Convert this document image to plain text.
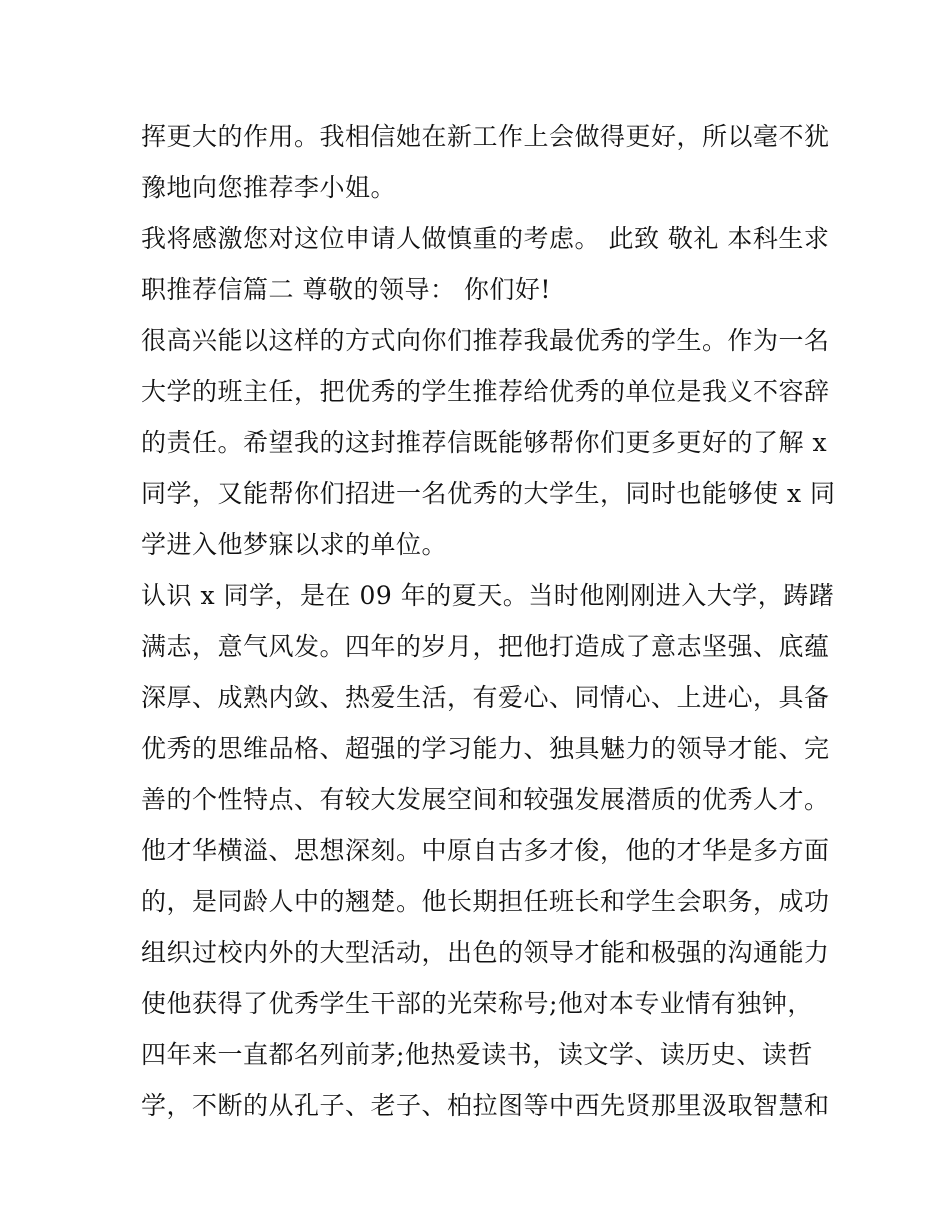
挥更大的作用。我相信她在新工作上会做得更好，所以毫不犹
豫地向您推荐李小姐。
我将感激您对这位申请人做慎重的考虑。 此致 敬礼 本科生求
职推荐信篇二 尊敬的领导： 你们好!
很高兴能以这样的方式向你们推荐我最优秀的学生。作为一名
大学的班主任，把优秀的学生推荐给优秀的单位是我义不容辞
的责任。希望我的这封推荐信既能够帮你们更多更好的了解 x
同学，又能帮你们招进一名优秀的大学生，同时也能够使 x 同
学进入他梦寐以求的单位。
认识 x 同学，是在 09 年的夏天。当时他刚刚进入大学，踌躇
满志，意气风发。四年的岁月，把他打造成了意志坚强、底蕴
深厚、成熟内敛、热爱生活，有爱心、同情心、上进心，具备
优秀的思维品格、超强的学习能力、独具魅力的领导才能、完
善的个性特点、有较大发展空间和较强发展潜质的优秀人才。
他才华横溢、思想深刻。中原自古多才俊，他的才华是多方面
的，是同龄人中的翘楚。他长期担任班长和学生会职务，成功
组织过校内外的大型活动，出色的领导才能和极强的沟通能力
使他获得了优秀学生干部的光荣称号;他对本专业情有独钟，
四年来一直都名列前茅;他热爱读书，读文学、读历史、读哲
学，不断的从孔子、老子、柏拉图等中西先贤那里汲取智慧和
